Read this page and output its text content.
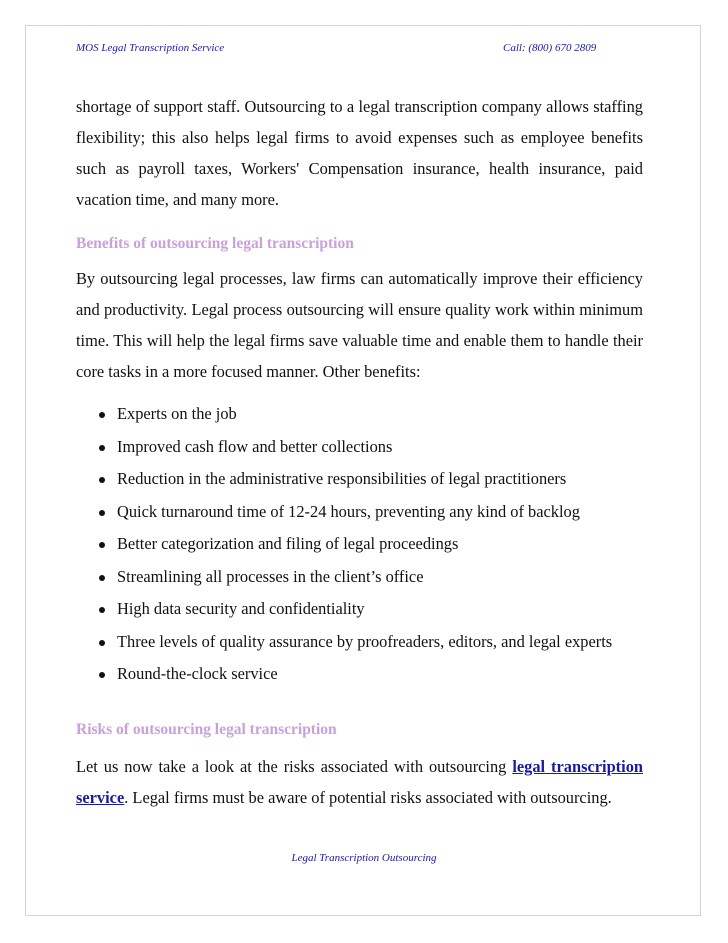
MOS Legal Transcription Service	Call: (800) 670 2809

shortage of support staff. Outsourcing to a legal transcription company allows staffing flexibility; this also helps legal firms to avoid expenses such as employee benefits such as payroll taxes, Workers' Compensation insurance, health insurance, paid vacation time, and many more.

Benefits of outsourcing legal transcription

By outsourcing legal processes, law firms can automatically improve their efficiency and productivity. Legal process outsourcing will ensure quality work within minimum time. This will help the legal firms save valuable time and enable them to handle their core tasks in a more focused manner. Other benefits:

Experts on the job
Improved cash flow and better collections
Reduction in the administrative responsibilities of legal practitioners
Quick turnaround time of 12-24 hours, preventing any kind of backlog
Better categorization and filing of legal proceedings
Streamlining all processes in the client’s office
High data security and confidentiality
Three levels of quality assurance by proofreaders, editors, and legal experts
Round-the-clock service
Risks of outsourcing legal transcription

Let us now take a look at the risks associated with outsourcing legal transcription service. Legal firms must be aware of potential risks associated with outsourcing.

Legal Transcription Outsourcing
